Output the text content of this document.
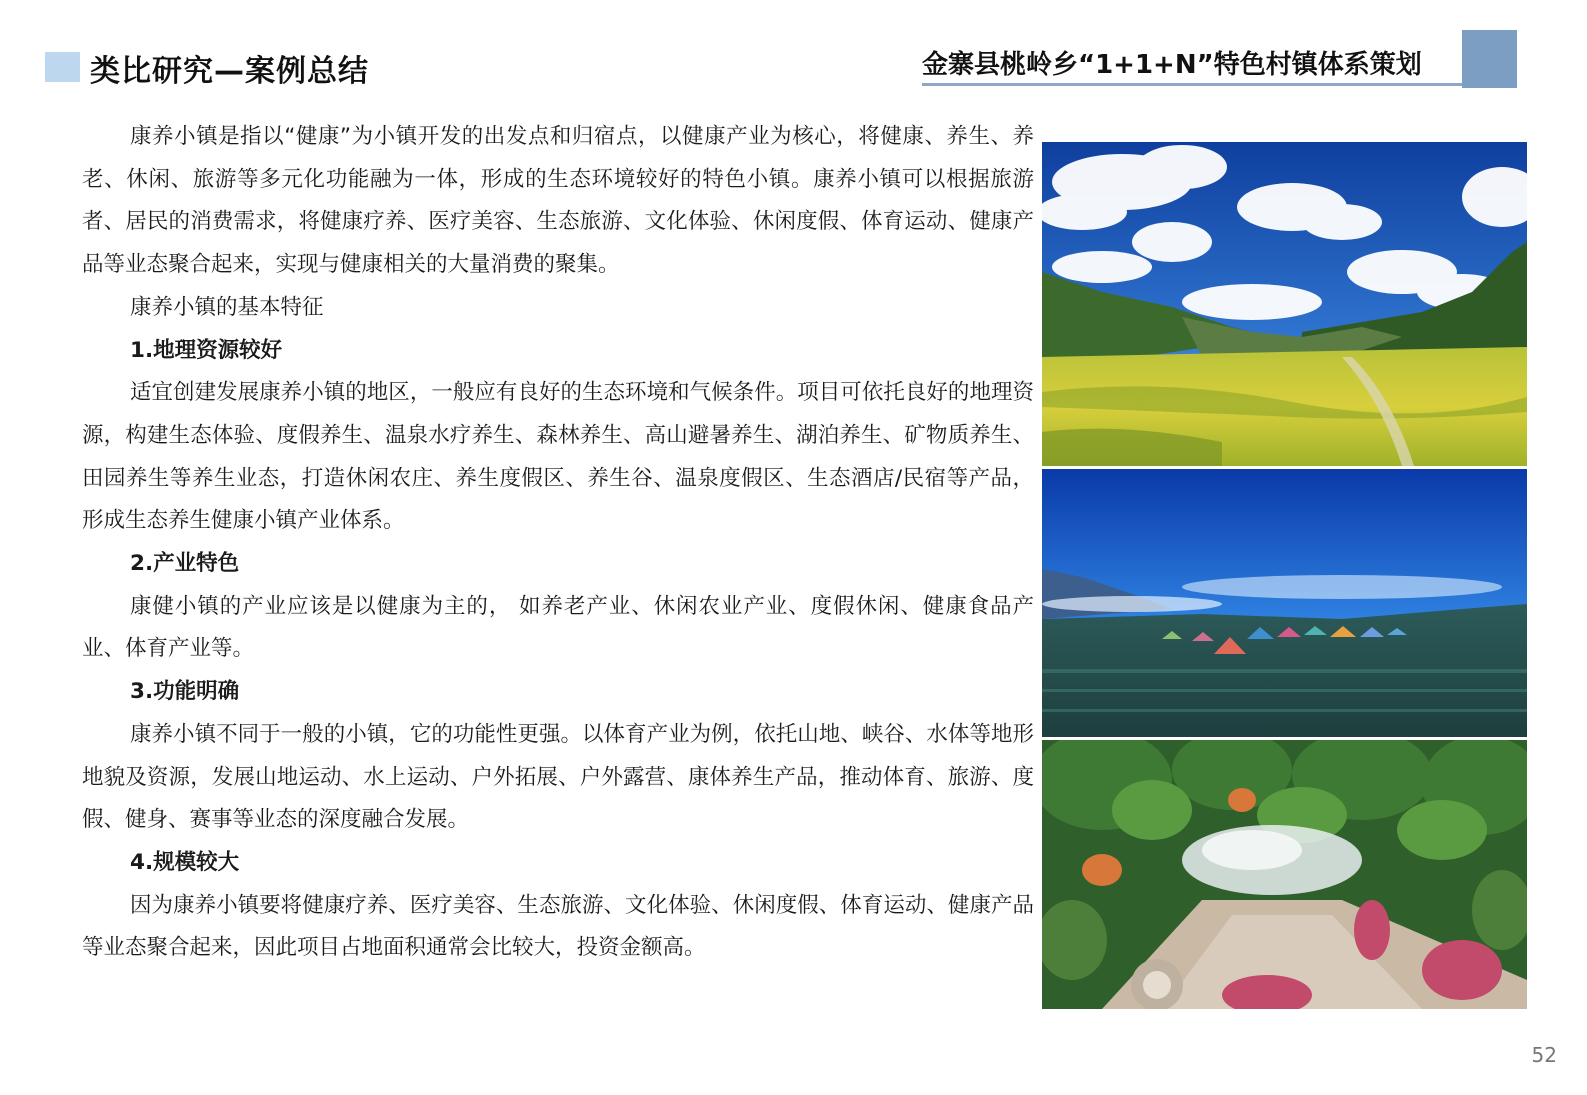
类比研究—案例总结	金寨县桃岭乡“1+1+N”特色村镇体系策划

康养小镇是指以“健康”为小镇开发的出发点和归宿点，以健康产业为核心，将健康、养生、养老、休闲、旅游等多元化功能融为一体，形成的生态环境较好的特色小镇。康养小镇可以根据旅游者、居民的消费需求，将健康疗养、医疗美容、生态旅游、文化体验、休闲度假、体育运动、健康产品等业态聚合起来，实现与健康相关的大量消费的聚集。

康养小镇的基本特征

1.地理资源较好

适宜创建发展康养小镇的地区，一般应有良好的生态环境和气候条件。项目可依托良好的地理资源，构建生态体验、度假养生、温泉水疗养生、森林养生、高山避暑养生、湖泊养生、矿物质养生、田园养生等养生业态，打造休闲农庄、养生度假区、养生谷、温泉度假区、生态酒店/民宿等产品，形成生态养生健康小镇产业体系。

2.产业特色

康健小镇的产业应该是以健康为主的， 如养老产业、休闲农业产业、度假休闲、健康食品产业、体育产业等。

3.功能明确

康养小镇不同于一般的小镇，它的功能性更强。以体育产业为例，依托山地、峡谷、水体等地形地貌及资源，发展山地运动、水上运动、户外拓展、户外露营、康体养生产品，推动体育、旅游、度假、健身、赛事等业态的深度融合发展。

4.规模较大

因为康养小镇要将健康疗养、医疗美容、生态旅游、文化体验、休闲度假、体育运动、健康产品等业态聚合起来，因此项目占地面积通常会比较大，投资金额高。

52
